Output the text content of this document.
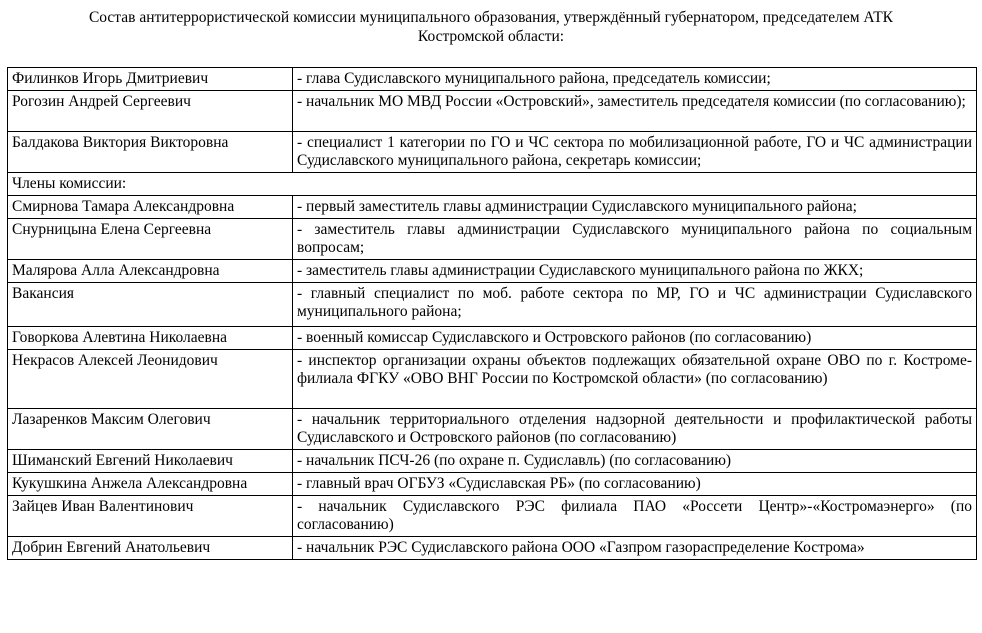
Состав антитеррористической комиссии муниципального образования, утверждённый губернатором, председателем АТК
Костромской области:
Филинков Игорь Дмитриевич	- глава Судиславского муниципального района, председатель комиссии;
Рогозин Андрей Сергеевич	- начальник МО МВД России «Островский», заместитель председателя комиссии (по согласованию);
Балдакова Виктория Викторовна	- специалист 1 категории по ГО и ЧС сектора по мобилизационной работе, ГО и ЧС администрации Судиславского муниципального района, секретарь комиссии;
Члены комиссии:	
Смирнова Тамара Александровна	- первый заместитель главы администрации Судиславского муниципального района;
Снурницына Елена Сергеевна	- заместитель главы администрации Судиславского муниципального района по социальным вопросам;
Малярова Алла Александровна	- заместитель главы администрации Судиславского муниципального района по ЖКХ;
Вакансия	- главный специалист по моб. работе сектора по МР, ГО и ЧС администрации Судиславского муниципального района;
Говоркова Алевтина Николаевна	- военный комиссар Судиславского и Островского районов (по согласованию)
Некрасов Алексей Леонидович	- инспектор организации охраны объектов подлежащих обязательной охране ОВО по г. Костроме-филиала ФГКУ «ОВО ВНГ России по Костромской области» (по согласованию)
Лазаренков Максим Олегович	- начальник территориального отделения надзорной деятельности и профилактической работы Судиславского и Островского районов (по согласованию)
Шиманский Евгений Николаевич	- начальник ПСЧ-26 (по охране п. Судиславль) (по согласованию)
Кукушкина Анжела Александровна	- главный врач ОГБУЗ «Судиславская РБ» (по согласованию)
Зайцев Иван Валентинович	- начальник Судиславского РЭС филиала ПАО «Россети Центр»-«Костромаэнерго» (по согласованию)
Добрин Евгений Анатольевич	- начальник РЭС Судиславского района ООО «Газпром газораспределение Кострома»
